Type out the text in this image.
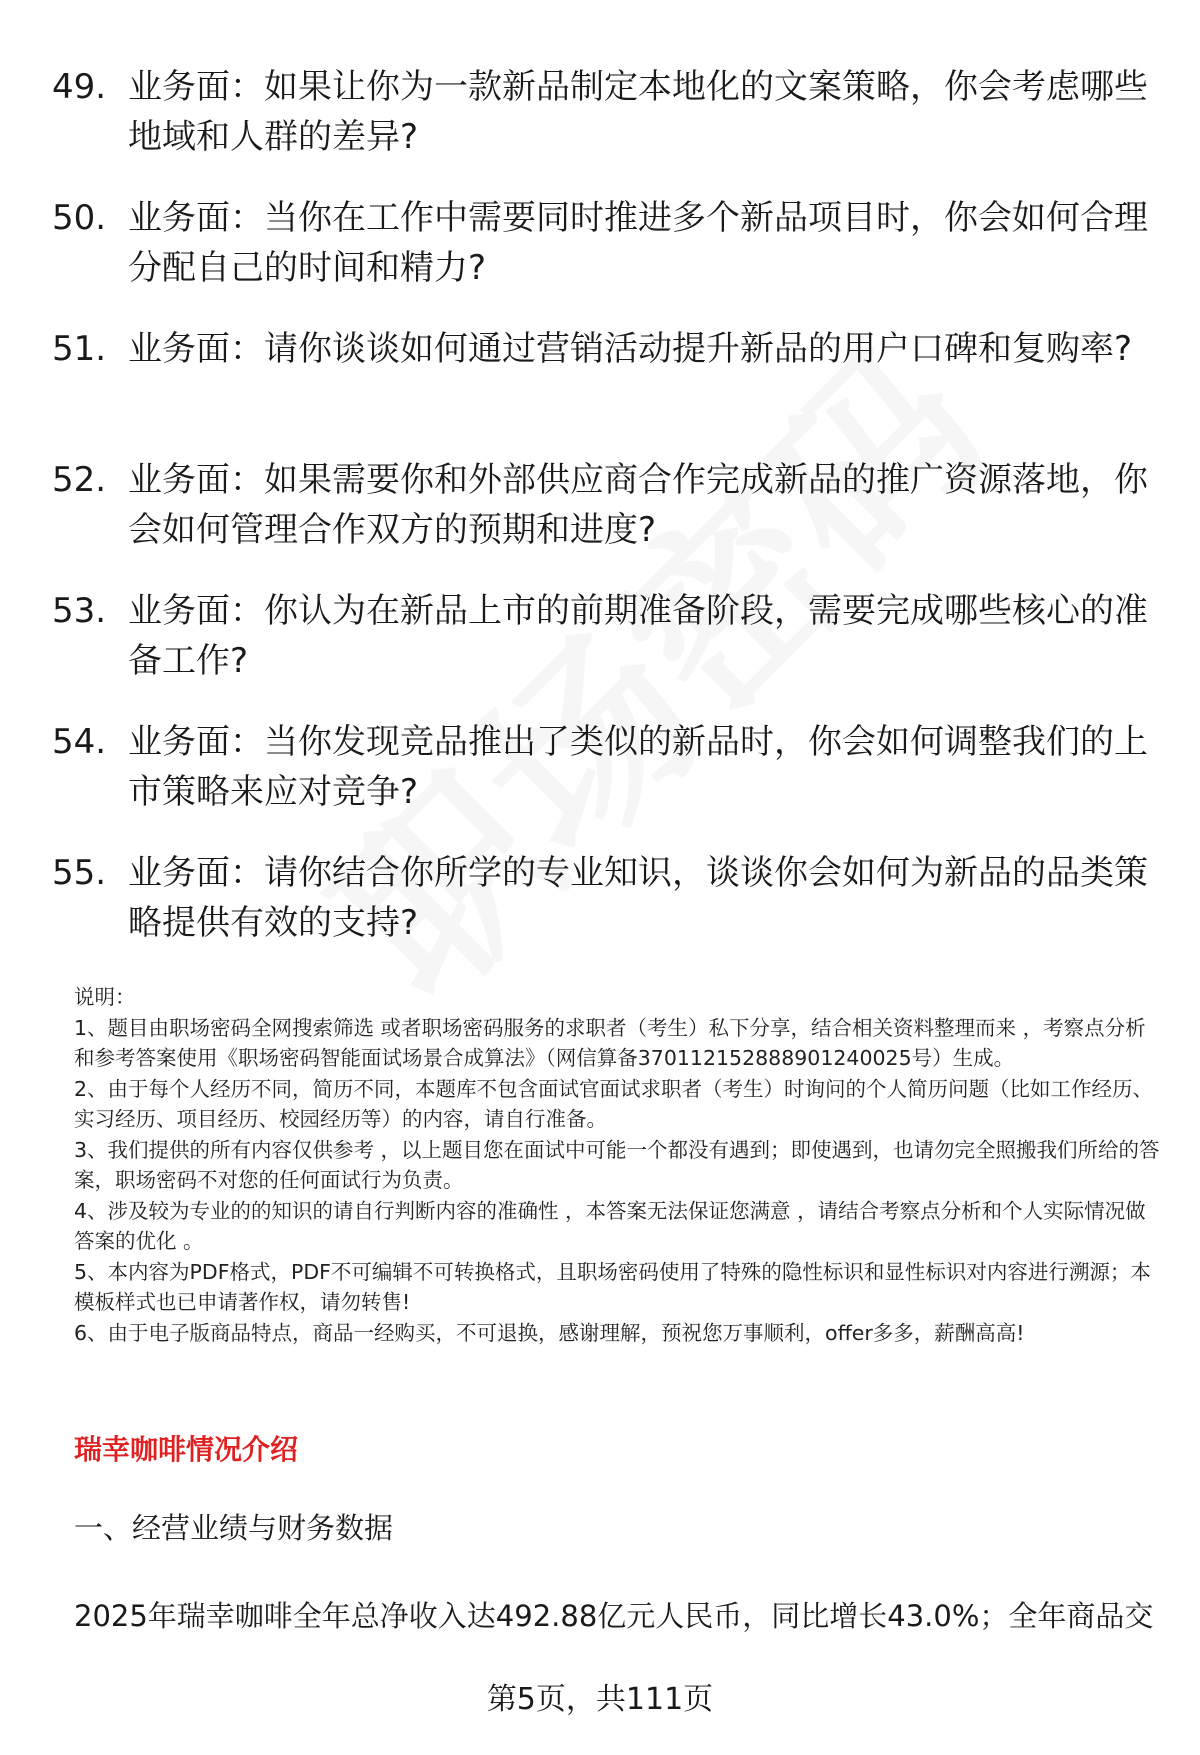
49. 业务面：如果让你为一款新品制定本地化的文案策略，你会考虑哪些地域和人群的差异?
50. 业务面：当你在工作中需要同时推进多个新品项目时，你会如何合理分配自己的时间和精力?
51. 业务面：请你谈谈如何通过营销活动提升新品的用户口碑和复购率?
52. 业务面：如果需要你和外部供应商合作完成新品的推广资源落地，你会如何管理合作双方的预期和进度?
53. 业务面：你认为在新品上市的前期准备阶段，需要完成哪些核心的准备工作?
54. 业务面：当你发现竞品推出了类似的新品时，你会如何调整我们的上市策略来应对竞争?
55. 业务面：请你结合你所学的专业知识，谈谈你会如何为新品的品类策略提供有效的支持?

说明：

1、题目由职场密码全网搜索筛选 或者职场密码服务的求职者（考生）私下分享，结合相关资料整理而来 ，考察点分析和参考答案使用《职场密码智能面试场景合成算法》（网信算备370112152888901240025号）生成。

2、由于每个人经历不同，简历不同，本题库不包含面试官面试求职者（考生）时询问的个人简历问题（比如工作经历、实习经历、项目经历、校园经历等）的内容，请自行准备。

3、我们提供的所有内容仅供参考 ，以上题目您在面试中可能一个都没有遇到；即使遇到，也请勿完全照搬我们所给的答案，职场密码不对您的任何面试行为负责。

4、涉及较为专业的的知识的请自行判断内容的准确性 ，本答案无法保证您满意 ，请结合考察点分析和个人实际情况做答案的优化 。

5、本内容为PDF格式，PDF不可编辑不可转换格式，且职场密码使用了特殊的隐性标识和显性标识对内容进行溯源；本模板样式也已申请著作权，请勿转售!

6、由于电子版商品特点，商品一经购买，不可退换，感谢理解，预祝您万事顺利，offer多多，薪酬高高!

瑞幸咖啡情况介绍
一、经营业绩与财务数据
2025年瑞幸咖啡全年总净收入达492.88亿元人民币，同比增长43.0%；全年商品交
第5页，共111页
